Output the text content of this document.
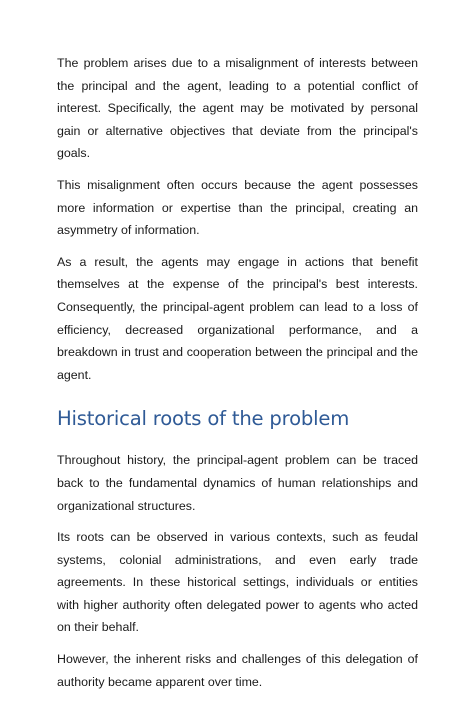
The problem arises due to a misalignment of interests between the principal and the agent, leading to a potential conflict of interest. Specifically, the agent may be motivated by personal gain or alternative objectives that deviate from the principal's goals.

This misalignment often occurs because the agent possesses more information or expertise than the principal, creating an asymmetry of information.

As a result, the agents may engage in actions that benefit themselves at the expense of the principal's best interests. Consequently, the principal-agent problem can lead to a loss of efficiency, decreased organizational performance, and a breakdown in trust and cooperation between the principal and the agent.

Historical roots of the problem

Throughout history, the principal-agent problem can be traced back to the fundamental dynamics of human relationships and organizational structures.

Its roots can be observed in various contexts, such as feudal systems, colonial administrations, and even early trade agreements. In these historical settings, individuals or entities with higher authority often delegated power to agents who acted on their behalf.

However, the inherent risks and challenges of this delegation of authority became apparent over time.
